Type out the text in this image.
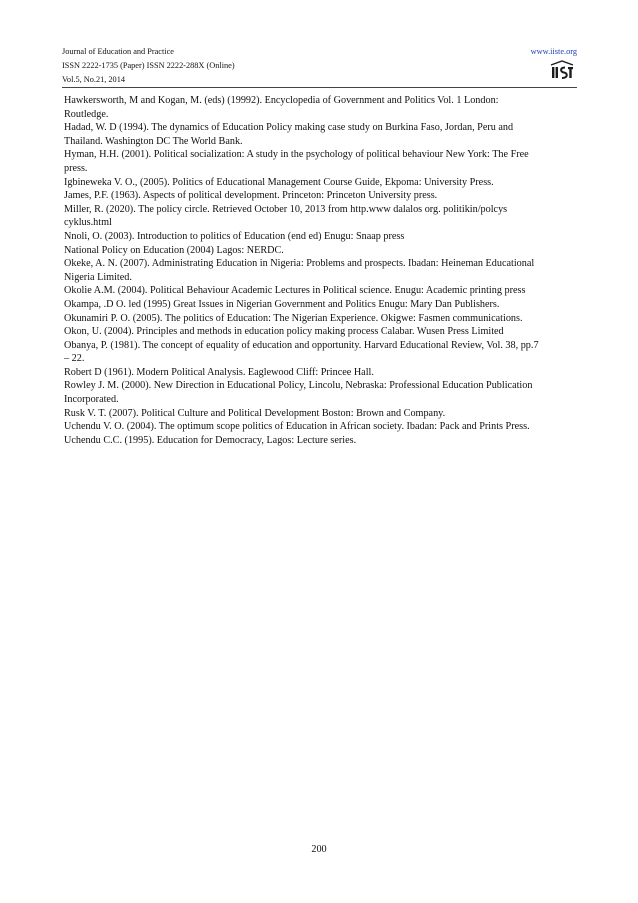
Journal of Education and Practice
ISSN 2222-1735 (Paper) ISSN 2222-288X (Online)
Vol.5, No.21, 2014
www.iiste.org
Hawkersworth, M and Kogan, M. (eds) (19992). Encyclopedia of Government and Politics Vol. 1 London: Routledge.
Hadad, W. D (1994). The dynamics of Education Policy making case study on Burkina Faso, Jordan, Peru and Thailand. Washington DC The World Bank.
Hyman, H.H. (2001). Political socialization: A study in the psychology of political behaviour New York: The Free press.
Igbineweka V. O., (2005). Politics of Educational Management Course Guide, Ekpoma: University Press.
James, P.F. (1963). Aspects of political development. Princeton: Princeton University press.
Miller, R. (2020). The policy circle. Retrieved October 10, 2013 from http.www dalalos org. politikin/polcys cyklus.html
Nnoli, O. (2003). Introduction to politics of Education (end ed) Enugu: Snaap press
National Policy on Education (2004) Lagos: NERDC.
Okeke, A. N. (2007). Administrating Education in Nigeria: Problems and prospects. Ibadan: Heineman Educational Nigeria Limited.
Okolie A.M. (2004). Political Behaviour Academic Lectures in Political science. Enugu: Academic printing press
Okampa, .D O. led (1995) Great Issues in Nigerian Government and Politics Enugu: Mary Dan Publishers.
Okunamiri P. O. (2005). The politics of Education: The Nigerian Experience. Okigwe: Fasmen communications.
Okon, U. (2004). Principles and methods in education policy making process Calabar. Wusen Press Limited
Obanya, P. (1981). The concept of equality of education and opportunity. Harvard Educational Review, Vol. 38, pp.7 – 22.
Robert D (1961). Modern Political Analysis. Eaglewood Cliff: Princee Hall.
Rowley J. M. (2000). New Direction in Educational Policy, Lincolu, Nebraska: Professional Education Publication Incorporated.
Rusk V. T. (2007). Political Culture and Political Development Boston: Brown and Company.
Uchendu V. O. (2004). The optimum scope politics of Education in African society. Ibadan: Pack and Prints Press.
Uchendu C.C. (1995). Education for Democracy, Lagos: Lecture series.
200
